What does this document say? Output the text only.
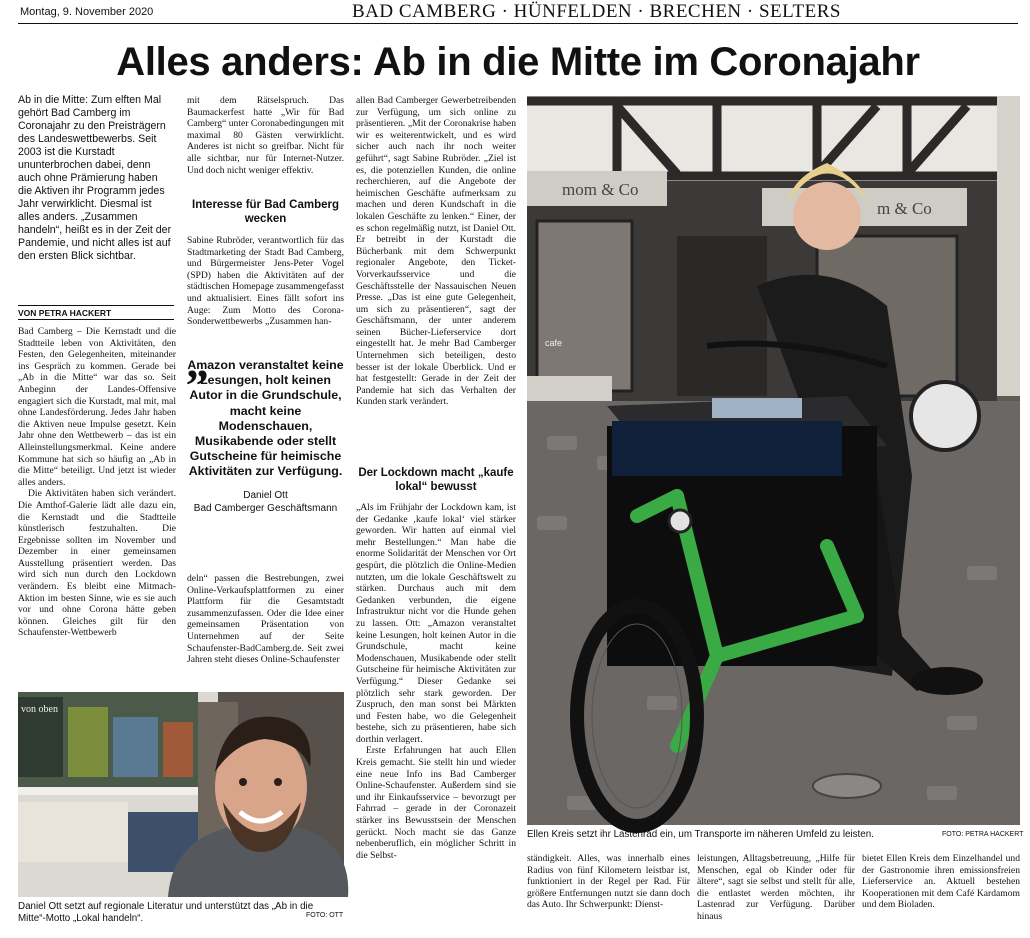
Montag, 9. November 2020	BAD CAMBERG · HÜNFELDEN · BRECHEN · SELTERS
Alles anders: Ab in die Mitte im Coronajahr
Ab in die Mitte: Zum elften Mal gehört Bad Camberg im Coronajahr zu den Preisträgern des Landeswettbewerbs. Seit 2003 ist die Kurstadt ununterbrochen dabei, denn auch ohne Prämierung haben die Aktiven ihr Programm jedes Jahr verwirklicht. Diesmal ist alles anders. „Zusammen handeln“, heißt es in der Zeit der Pandemie, und nicht alles ist auf den ersten Blick sichtbar.
VON PETRA HACKERT

Bad Camberg – Die Kernstadt und die Stadtteile leben von Aktivitäten, den Festen, den Gelegenheiten, miteinander ins Gespräch zu kommen. Gerade bei „Ab in die Mitte“ war das so. Seit Anbeginn der Landes-Offensive engagiert sich die Kurstadt, mal mit, mal ohne Landesförderung. Jedes Jahr haben die Aktiven neue Impulse gesetzt. Kein Jahr ohne den Wettbewerb – das ist ein Alleinstellungsmerkmal. Keine andere Kommune hat sich so häufig an „Ab in die Mitte“ beteiligt. Und jetzt ist wieder alles anders.

Die Aktivitäten haben sich verändert. Die Amthof-Galerie lädt alle dazu ein, die Kernstadt und die Stadtteile künstlerisch festzuhalten. Die Ergebnisse sollten im November und Dezember in einer gemeinsamen Ausstellung präsentiert werden. Das wird sich nun durch den Lockdown verändern. Es bleibt eine Mitmach-Aktion im besten Sinne, wie es sie auch vor und ohne Corona hätte geben können. Gleiches gilt für den Schaufenster-Wettbewerb

mit dem Rätselspruch. Das Baumackerfest hatte „Wir für Bad Camberg“ unter Coronabedingungen mit maximal 80 Gästen verwirklicht. Anderes ist nicht so greifbar. Nicht für alle sichtbar, nur für Internet-Nutzer. Und doch nicht weniger effektiv.

Interesse für Bad Camberg wecken

Sabine Rubröder, verantwortlich für das Stadtmarketing der Stadt Bad Camberg, und Bürgermeister Jens-Peter Vogel (SPD) haben die Aktivitäten auf der städtischen Homepage zusammengefasst und aktualisiert. Eines fällt sofort ins Auge: Zum Motto des Corona-Sonderwettbewerbs „Zusammen han-

„
Amazon veranstaltet keine Lesungen, holt keinen Autor in die Grundschule, macht keine Modenschauen, Musikabende oder stellt Gutscheine für heimische Aktivitäten zur Verfügung.
Daniel Ott
Bad Camberger Geschäftsmann

deln“ passen die Bestrebungen, zwei Online-Verkaufsplattformen zu einer Plattform für die Gesamtstadt zusammenzufassen. Oder die Idee einer gemeinsamen Präsentation von Unternehmen auf der Seite Schaufenster-BadCamberg.de. Seit zwei Jahren steht dieses Online-Schaufenster

allen Bad Camberger Gewerbetreibenden zur Verfügung, um sich online zu präsentieren. „Mit der Coronakrise haben wir es weiterentwickelt, und es wird sicher auch nach ihr noch weiter geführt“, sagt Sabine Rubröder. „Ziel ist es, die potenziellen Kunden, die online recherchieren, auf die Angebote der heimischen Geschäfte aufmerksam zu machen und deren Kundschaft in die lokalen Geschäfte zu lenken.“ Einer, der es schon regelmäßig nutzt, ist Daniel Ott. Er betreibt in der Kurstadt die Bücherbank mit dem Schwerpunkt regionaler Angebote, den Ticket-Vorverkaufsservice und die Geschäftsstelle der Nassauischen Neuen Presse. „Das ist eine gute Gelegenheit, um sich zu präsentieren“, sagt der Geschäftsmann, der unter anderem seinen Bücher-Lieferservice dort eingestellt hat. Je mehr Bad Camberger Unternehmen sich beteiligen, desto besser ist der lokale Überblick. Und er hat festgestellt: Gerade in der Zeit der Pandemie hat sich das Verhalten der Kunden stark verändert.

Der Lockdown macht „kaufe lokal“ bewusst

„Als im Frühjahr der Lockdown kam, ist der Gedanke ‚kaufe lokal‘ viel stärker geworden. Wir hatten auf einmal viel mehr Bestellungen.“ Man habe die enorme Solidarität der Menschen vor Ort gespürt, die plötzlich die Online-Medien nutzten, um die lokale Geschäftswelt zu stärken. Durchaus auch mit dem Gedanken verbunden, die eigene Infrastruktur nicht vor die Hunde gehen zu lassen. Ott: „Amazon veranstaltet keine Lesungen, holt keinen Autor in die Grundschule, macht keine Modenschauen, Musikabende oder stellt Gutscheine für heimische Aktivitäten zur Verfügung.“ Dieser Gedanke sei plötzlich sehr stark geworden. Der Zuspruch, den man sonst bei Märkten und Festen habe, wo die Gelegenheit bestehe, sich zu präsentieren, habe sich dorthin verlagert.

Erste Erfahrungen hat auch Ellen Kreis gemacht. Sie stellt hin und wieder eine neue Info ins Bad Camberger Online-Schaufenster. Außerdem sind sie und ihr Einkaufsservice – bevorzugt per Fahrrad – gerade in der Coronazeit stärker ins Bewusstsein der Menschen gerückt. Noch macht sie das Ganze nebenberuflich, ein möglicher Schritt in die Selbst-

mom & Co
m & Co
cafe
Ellen Kreis setzt ihr Lastenrad ein, um Transporte im näheren Umfeld zu leisten.	FOTO: PETRA HACKERT
von oben
Daniel Ott setzt auf regionale Literatur und unterstützt das „Ab in die Mitte“-Motto „Lokal handeln“.	FOTO: OTT

ständigkeit. Alles, was innerhalb eines Radius von fünf Kilometern leistbar ist, funktioniert in der Regel per Rad. Für größere Entfernungen nutzt sie dann doch das Auto. Ihr Schwerpunkt: Dienst-

leistungen, Alltagsbetreuung, „Hilfe für Menschen, egal ob Kinder oder für ältere“, sagt sie selbst und stellt für alle, die entlastet werden möchten, ihr Lastenrad zur Verfügung. Darüber hinaus

bietet Ellen Kreis dem Einzelhandel und der Gastronomie ihren emissionsfreien Lieferservice an. Aktuell bestehen Kooperationen mit dem Café Kardamom und dem Bioladen.
